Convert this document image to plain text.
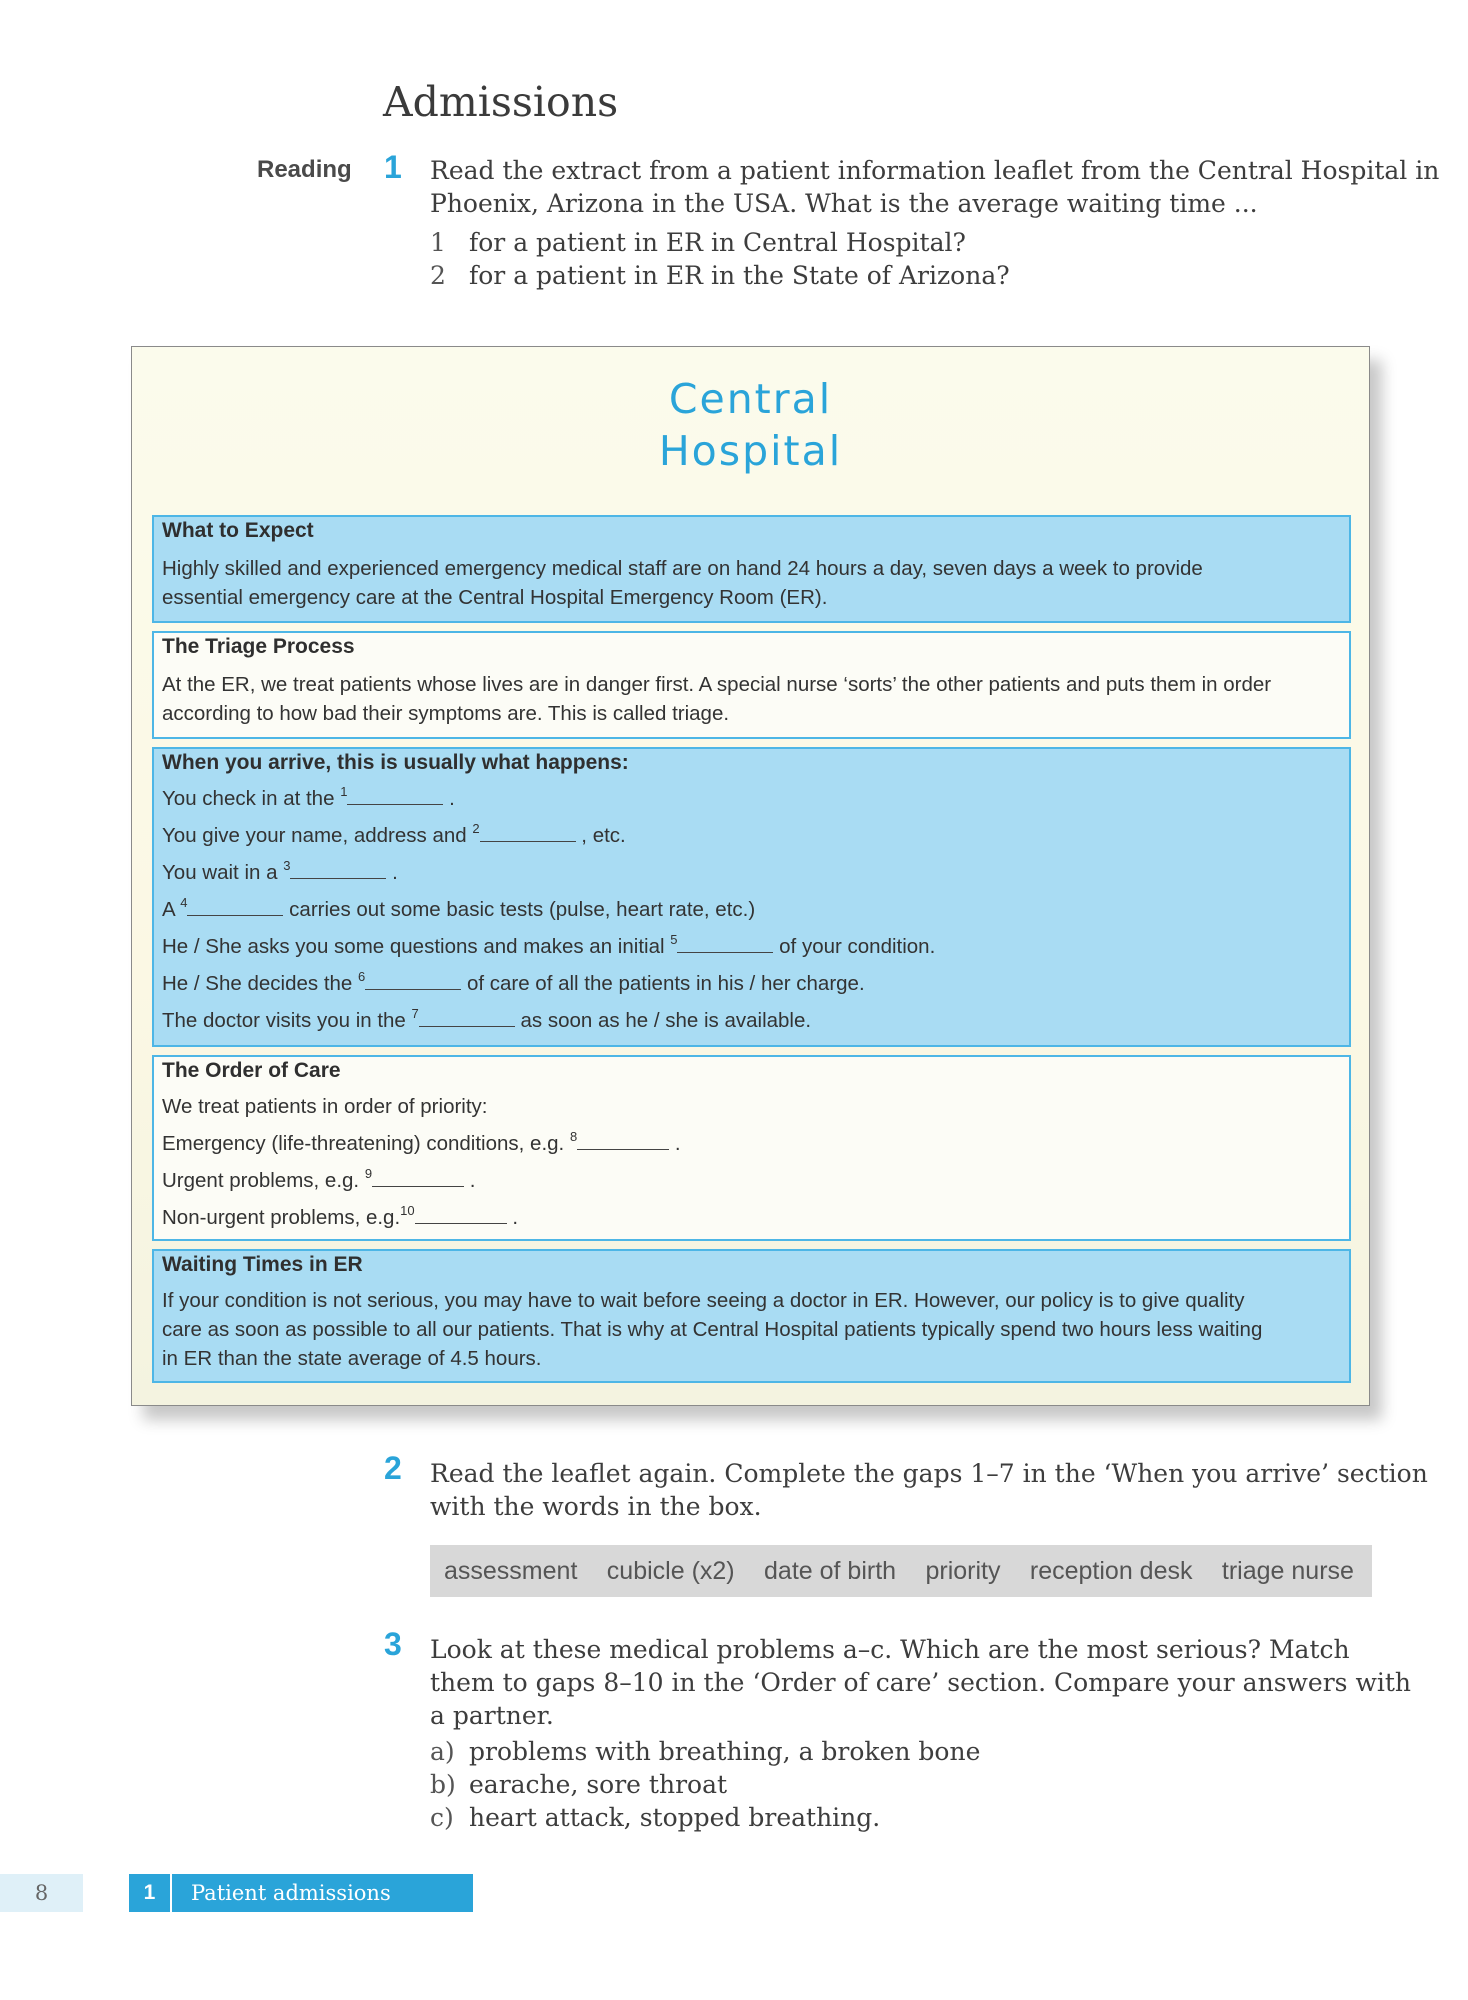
Admissions
Reading 1 Read the extract from a patient information leaflet from the Central Hospital in
Phoenix, Arizona in the USA. What is the average waiting time ...
1 for a patient in ER in Central Hospital?
2 for a patient in ER in the State of Arizona?
Central
Hospital
What to Expect
Highly skilled and experienced emergency medical staff are on hand 24 hours a day, seven days a week to provide
essential emergency care at the Central Hospital Emergency Room (ER).
The Triage Process
At the ER, we treat patients whose lives are in danger first. A special nurse ‘sorts’ the other patients and puts them in order
according to how bad their symptoms are. This is called triage.
When you arrive, this is usually what happens:
You check in at the $^1$	.
You give your name, address and $^2$	, etc.
You wait in a $^3$	.
A $^4$	carries out some basic tests (pulse, heart rate, etc.)
He / She asks you some questions and makes an initial $^5$	of your condition.
He / She decides the $^6$	of care of all the patients in his / her charge.
The doctor visits you in the $^7$	as soon as he / she is available.
The Order of Care
We treat patients in order of priority:
Emergency (life-threatening) conditions, e.g. $^8$	.
Urgent problems, e.g. $^9$	.
Non-urgent problems, e.g.$^{10}$	.
Waiting Times in ER
If your condition is not serious, you may have to wait before seeing a doctor in ER. However, our policy is to give quality
care as soon as possible to all our patients. That is why at Central Hospital patients typically spend two hours less waiting
in ER than the state average of 4.5 hours.
2 Read the leaflet again. Complete the gaps 1–7 in the ‘When you arrive’ section
with the words in the box.
assessment cubicle (x2) date of birth priority reception desk triage nurse
3 Look at these medical problems a–c. Which are the most serious? Match
them to gaps 8–10 in the ‘Order of care’ section. Compare your answers with
a partner.
a) problems with breathing, a broken bone
b) earache, sore throat
c) heart attack, stopped breathing.
8	1	Patient admissions
